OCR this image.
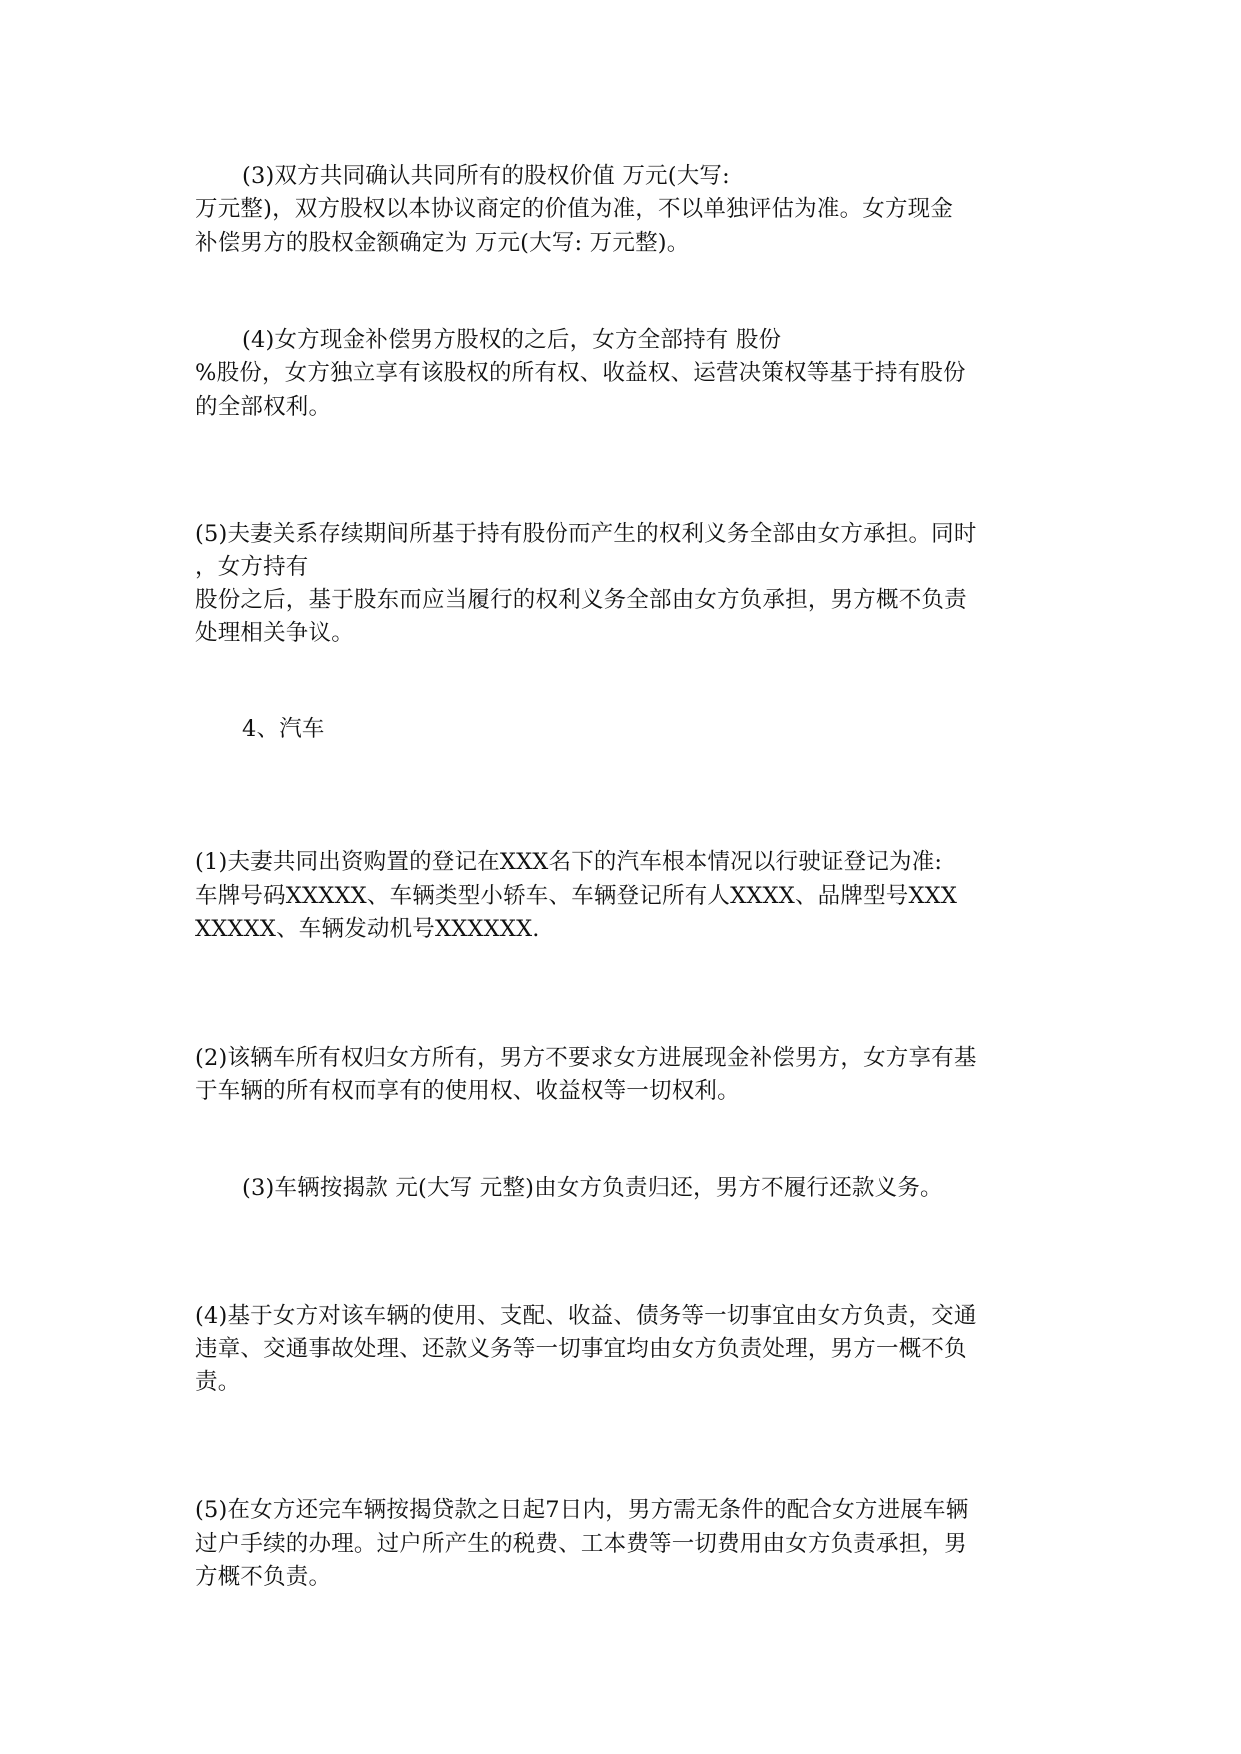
(3)双方共同确认共同所有的股权价值 万元(大写:

万元整)，双方股权以本协议商定的价值为准，不以单独评估为准。女方现金

补偿男方的股权金额确定为 万元(大写: 万元整)。

(4)女方现金补偿男方股权的之后，女方全部持有 股份

%股份，女方独立享有该股权的所有权、收益权、运营决策权等基于持有股份

的全部权利。

(5)夫妻关系存续期间所基于持有股份而产生的权利义务全部由女方承担。同时

，女方持有

股份之后，基于股东而应当履行的权利义务全部由女方负承担，男方概不负责

处理相关争议。

4、汽车

(1)夫妻共同出资购置的登记在XXX名下的汽车根本情况以行驶证登记为准:

车牌号码XXXXX、车辆类型小轿车、车辆登记所有人XXXX、品牌型号XXX

XXXXX、车辆发动机号XXXXXX.

(2)该辆车所有权归女方所有，男方不要求女方进展现金补偿男方，女方享有基

于车辆的所有权而享有的使用权、收益权等一切权利。

(3)车辆按揭款 元(大写 元整)由女方负责归还，男方不履行还款义务。

(4)基于女方对该车辆的使用、支配、收益、债务等一切事宜由女方负责，交通

违章、交通事故处理、还款义务等一切事宜均由女方负责处理，男方一概不负

责。

(5)在女方还完车辆按揭贷款之日起7日内，男方需无条件的配合女方进展车辆

过户手续的办理。过户所产生的税费、工本费等一切费用由女方负责承担，男

方概不负责。
